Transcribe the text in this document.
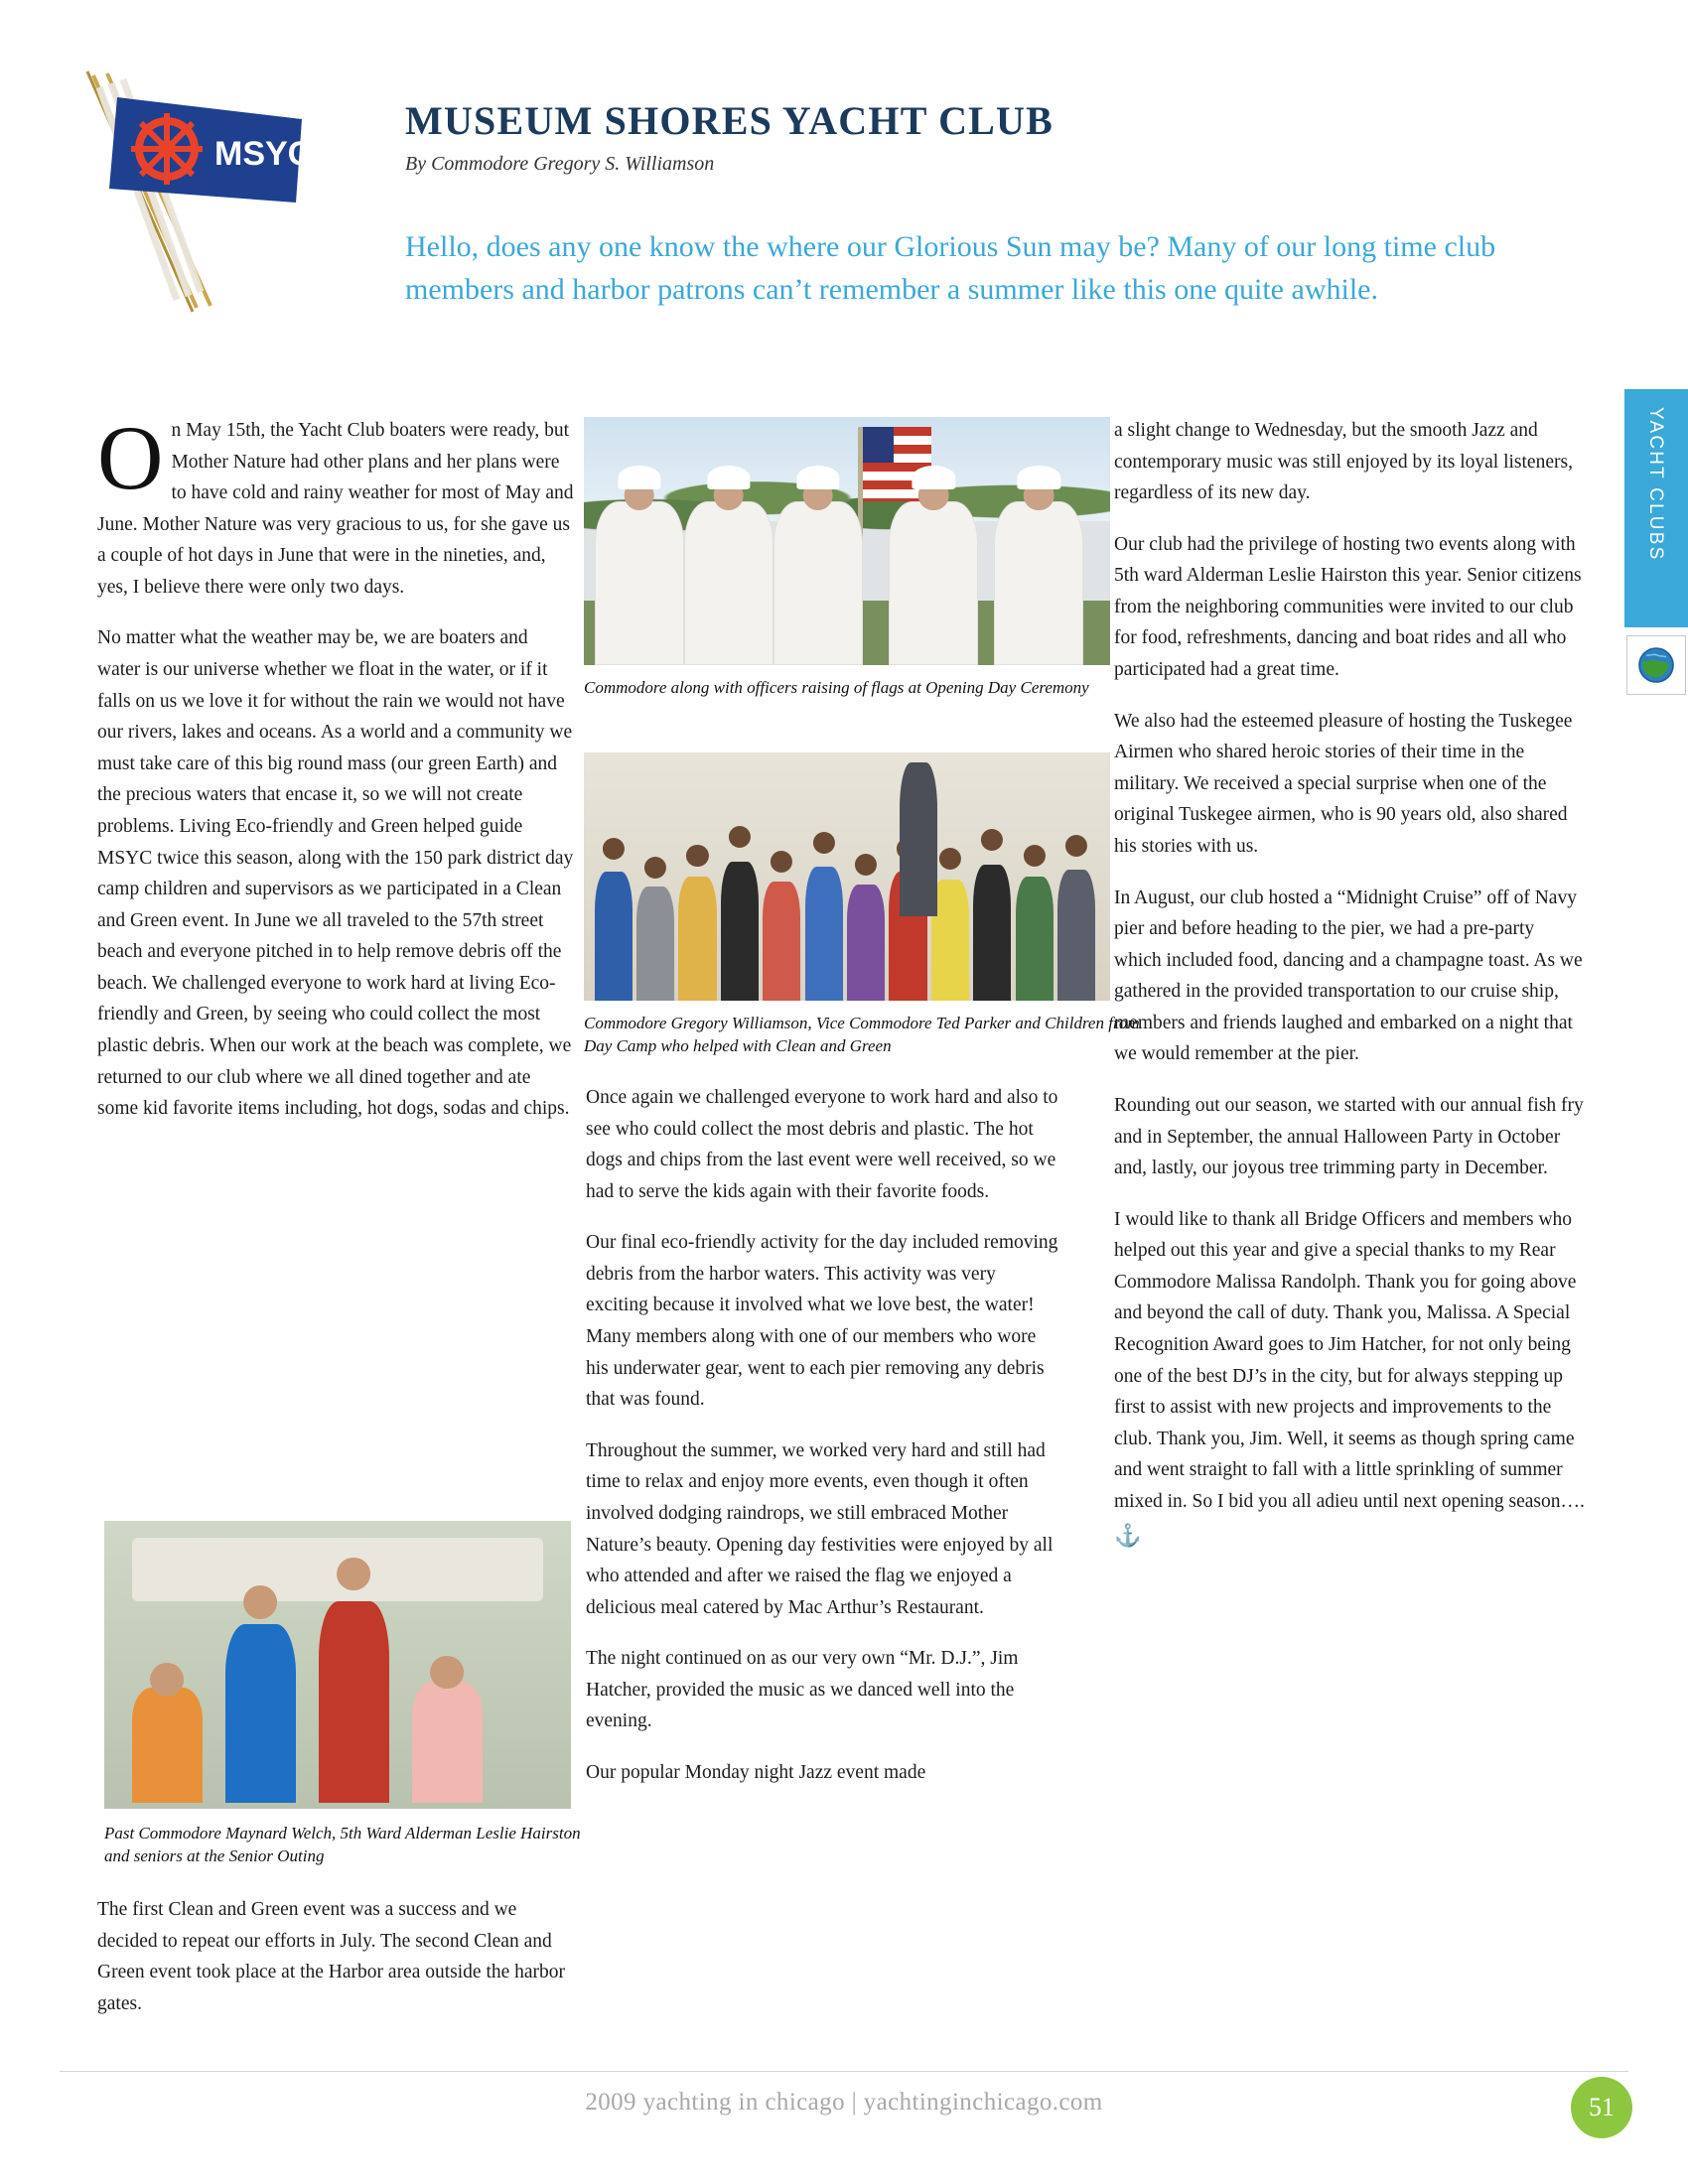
MSYC
MUSEUM SHORES YACHT CLUB
By Commodore Gregory S. Williamson
Hello, does any one know the where our Glorious Sun may be? Many of our long time club members and harbor patrons can’t remember a summer like this one quite awhile.
YACHT CLUBS

On May 15th, the Yacht Club boaters were ready, but Mother Nature had other plans and her plans were to have cold and rainy weather for most of May and June. Mother Nature was very gracious to us, for she gave us a couple of hot days in June that were in the nineties, and, yes, I believe there were only two days.

No matter what the weather may be, we are boaters and water is our universe whether we float in the water, or if it falls on us we love it for without the rain we would not have our rivers, lakes and oceans. As a world and a community we must take care of this big round mass (our green Earth) and the precious waters that encase it, so we will not create problems. Living Eco-friendly and Green helped guide MSYC twice this season, along with the 150 park district day camp children and supervisors as we participated in a Clean and Green event. In June we all traveled to the 57th street beach and everyone pitched in to help remove debris off the beach. We challenged everyone to work hard at living Eco-friendly and Green, by seeing who could collect the most plastic debris. When our work at the beach was complete, we returned to our club where we all dined together and ate some kid favorite items including, hot dogs, sodas and chips.

Commodore along with officers raising of flags at Opening Day Ceremony
Commodore Gregory Williamson, Vice Commodore Ted Parker and Children from Day Camp who helped with Clean and Green

Once again we challenged everyone to work hard and also to see who could collect the most debris and plastic. The hot dogs and chips from the last event were well received, so we had to serve the kids again with their favorite foods.

Our final eco-friendly activity for the day included removing debris from the harbor waters. This activity was very exciting because it involved what we love best, the water! Many members along with one of our members who wore his underwater gear, went to each pier removing any debris that was found.

Throughout the summer, we worked very hard and still had time to relax and enjoy more events, even though it often involved dodging raindrops, we still embraced Mother Nature’s beauty. Opening day festivities were enjoyed by all who attended and after we raised the flag we enjoyed a delicious meal catered by Mac Arthur’s Restaurant.

The night continued on as our very own “Mr. D.J.”, Jim Hatcher, provided the music as we danced well into the evening.

Our popular Monday night Jazz event made

Past Commodore Maynard Welch, 5th Ward Alderman Leslie Hairston and seniors at the Senior Outing

The first Clean and Green event was a success and we decided to repeat our efforts in July. The second Clean and Green event took place at the Harbor area outside the harbor gates.

a slight change to Wednesday, but the smooth Jazz and contemporary music was still enjoyed by its loyal listeners, regardless of its new day.

Our club had the privilege of hosting two events along with 5th ward Alderman Leslie Hairston this year. Senior citizens from the neighboring communities were invited to our club for food, refreshments, dancing and boat rides and all who participated had a great time.

We also had the esteemed pleasure of hosting the Tuskegee Airmen who shared heroic stories of their time in the military. We received a special surprise when one of the original Tuskegee airmen, who is 90 years old, also shared his stories with us.

In August, our club hosted a “Midnight Cruise” off of Navy pier and before heading to the pier, we had a pre-party which included food, dancing and a champagne toast. As we gathered in the provided transportation to our cruise ship, members and friends laughed and embarked on a night that we would remember at the pier.

Rounding out our season, we started with our annual fish fry and in September, the annual Halloween Party in October and, lastly, our joyous tree trimming party in December.

I would like to thank all Bridge Officers and members who helped out this year and give a special thanks to my Rear Commodore Malissa Randolph. Thank you for going above and beyond the call of duty. Thank you, Malissa. A Special Recognition Award goes to Jim Hatcher, for not only being one of the best DJ’s in the city, but for always stepping up first to assist with new projects and improvements to the club. Thank you, Jim. Well, it seems as though spring came and went straight to fall with a little sprinkling of summer mixed in. So I bid you all adieu until next opening season…. ⚓

2009 yachting in chicago | yachtinginchicago.com	51
